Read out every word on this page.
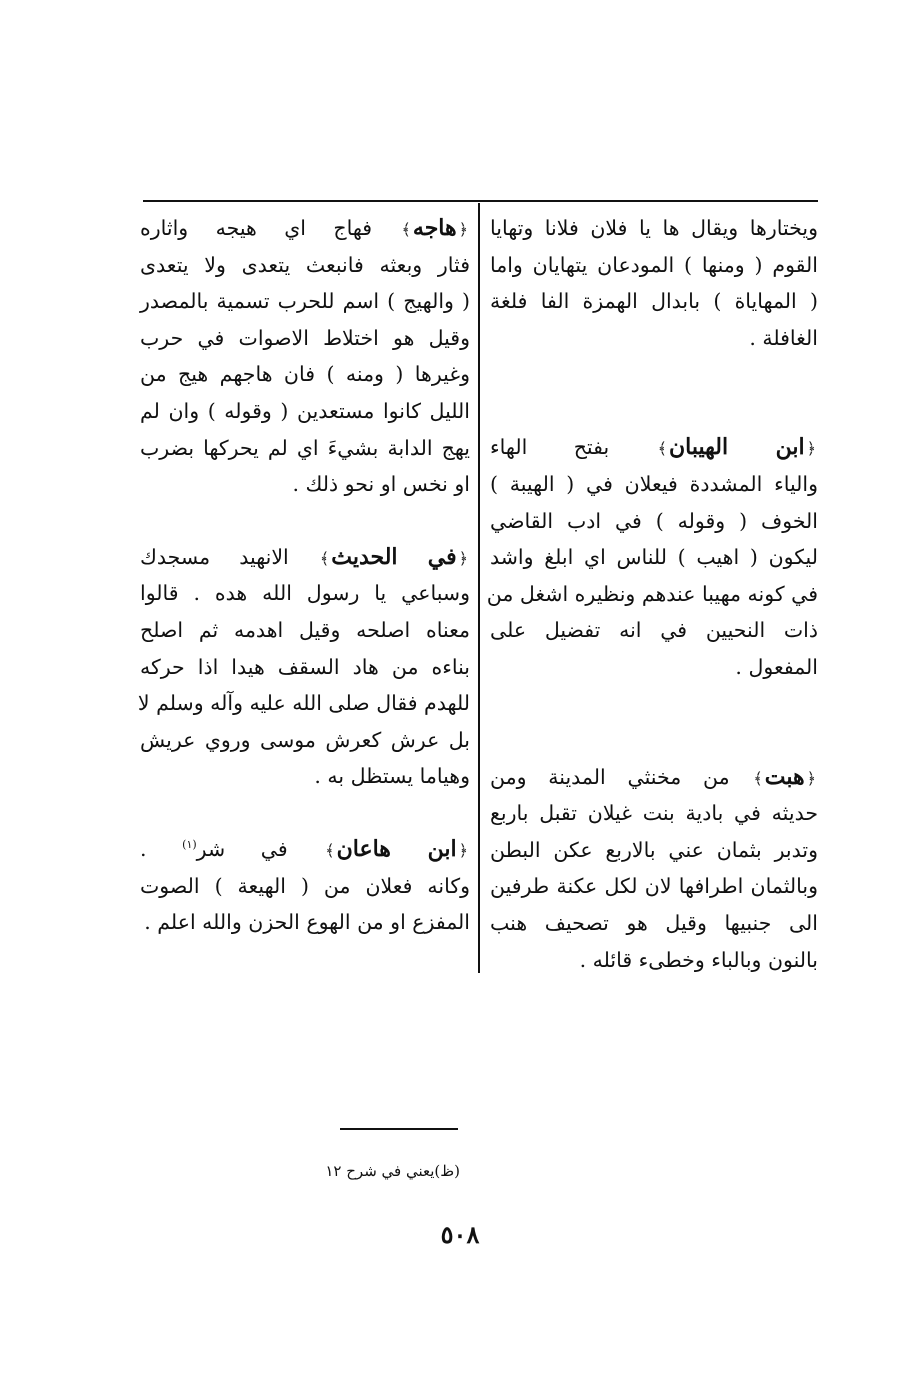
ويختارها ويقال ها يا فلان فلانا وتهايا
القوم ( ومنها ) المودعان يتهايان واما
( المهاياة ) بابدال الهمزة الفا فلغة
الغافلة .
﴿ابن الهيبان﴾ بفتح الهاء
والياء المشددة فيعلان في ( الهيبة )
الخوف ( وقوله ) في ادب القاضي
ليكون ( اهيب ) للناس اي ابلغ واشد
في كونه مهيبا عندهم ونظيره اشغل من
ذات النحيين في انه تفضيل على
المفعول .
﴿هبت﴾ من مخنثي المدينة ومن
حديثه في بادية بنت غيلان تقبل باربع
وتدبر بثمان عني بالاربع عكن البطن
وبالثمان اطرافها لان لكل عكنة طرفين
الى جنبيها وقيل هو تصحيف هنب
بالنون وبالباء وخطىء قائله .
﴿هاجه﴾ فهاج اي هيجه واثاره
فثار وبعثه فانبعث يتعدى ولا يتعدى
( والهيج ) اسم للحرب تسمية بالمصدر
وقيل هو اختلاط الاصوات في حرب
وغيرها ( ومنه ) فان هاجهم هيج من
الليل كانوا مستعدين ( وقوله ) وان لم
يهج الدابة بشيءَ اي لم يحركها بضرب
او نخس او نحو ذلك .
﴿في الحديث﴾ الانهيد مسجدك
وسباعي يا رسول الله هده . قالوا
معناه اصلحه وقيل اهدمه ثم اصلح
بناءه من هاد السقف هيدا اذا حركه
للهدم فقال صلى الله عليه وآله وسلم لا
بل عرش كعرش موسى وروي عريش
وهياما يستظل به .
﴿ابن هاعان﴾ في شر$^{(١)}$ .
وكانه فعلان من ( الهيعة ) الصوت
المفزع او من الهوع الحزن والله اعلم .
(ظ)يعني في شرح ١٢
٥٠٨
